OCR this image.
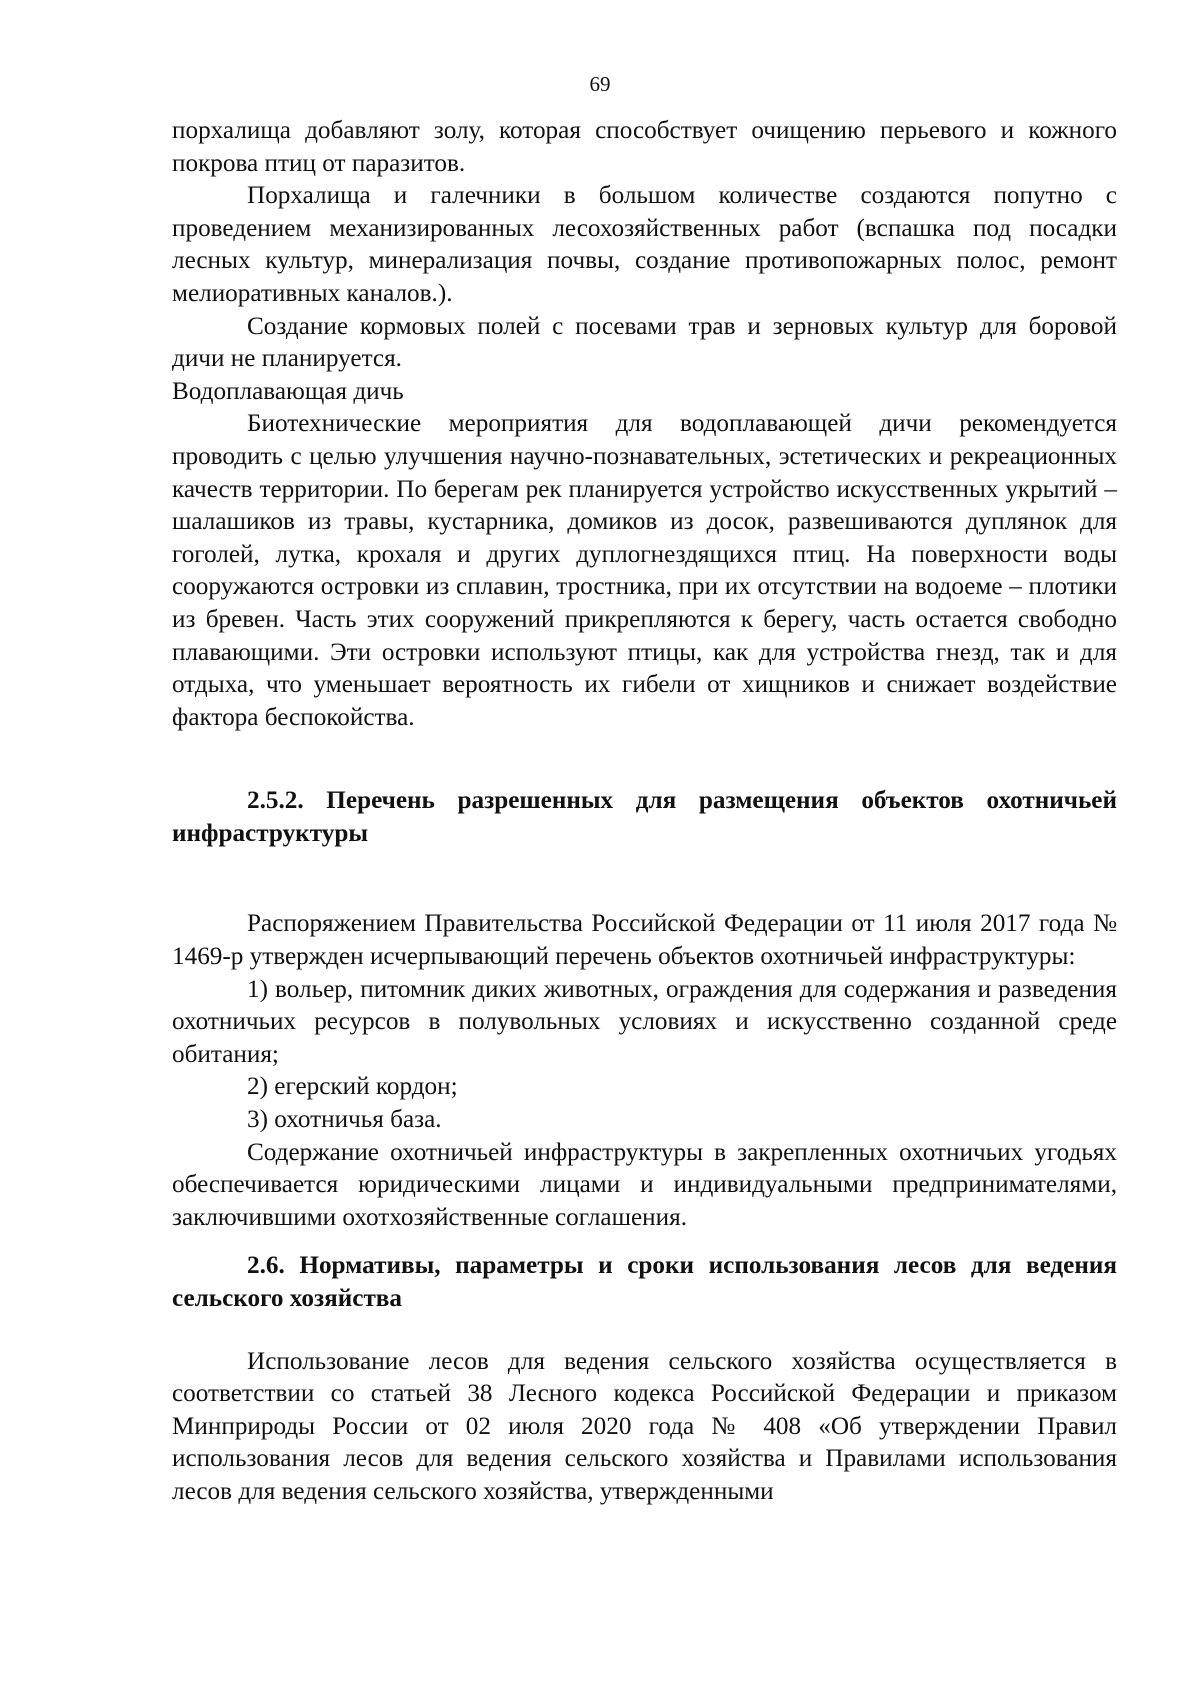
69

порхалища добавляют золу, которая способствует очищению перьевого и кожного покрова птиц от паразитов.

Порхалища и галечники в большом количестве создаются попутно с проведением механизированных лесохозяйственных работ (вспашка под посадки лесных культур, минерализация почвы, создание противопожарных полос, ремонт мелиоративных каналов.).

Создание кормовых полей с посевами трав и зерновых культур для боровой дичи не планируется.

Водоплавающая дичь

Биотехнические мероприятия для водоплавающей дичи рекомендуется проводить с целью улучшения научно-познавательных, эстетических и рекреационных качеств территории. По берегам рек планируется устройство искусственных укрытий – шалашиков из травы, кустарника, домиков из досок, развешиваются дуплянок для гоголей, лутка, крохаля и других дуплогнездящихся птиц. На поверхности воды сооружаются островки из сплавин, тростника, при их отсутствии на водоеме – плотики из бревен. Часть этих сооружений прикрепляются к берегу, часть остается свободно плавающими. Эти островки используют птицы, как для устройства гнезд, так и для отдыха, что уменьшает вероятность их гибели от хищников и снижает воздействие фактора беспокойства.

2.5.2. Перечень разрешенных для размещения объектов охотничьей инфраструктуры

Распоряжением Правительства Российской Федерации от 11 июля 2017 года № 1469-р утвержден исчерпывающий перечень объектов охотничьей инфраструктуры:

1) вольер, питомник диких животных, ограждения для содержания и разведения охотничьих ресурсов в полувольных условиях и искусственно созданной среде обитания;

2) егерский кордон;

3) охотничья база.

Содержание охотничьей инфраструктуры в закрепленных охотничьих угодьях обеспечивается юридическими лицами и индивидуальными предпринимателями, заключившими охотхозяйственные соглашения.

2.6. Нормативы, параметры и сроки использования лесов для ведения сельского хозяйства

Использование лесов для ведения сельского хозяйства осуществляется в соответствии со статьей 38 Лесного кодекса Российской Федерации и приказом Минприроды России от 02 июля 2020 года № 408 «Об утверждении Правил использования лесов для ведения сельского хозяйства и Правилами использования лесов для ведения сельского хозяйства, утвержденными
